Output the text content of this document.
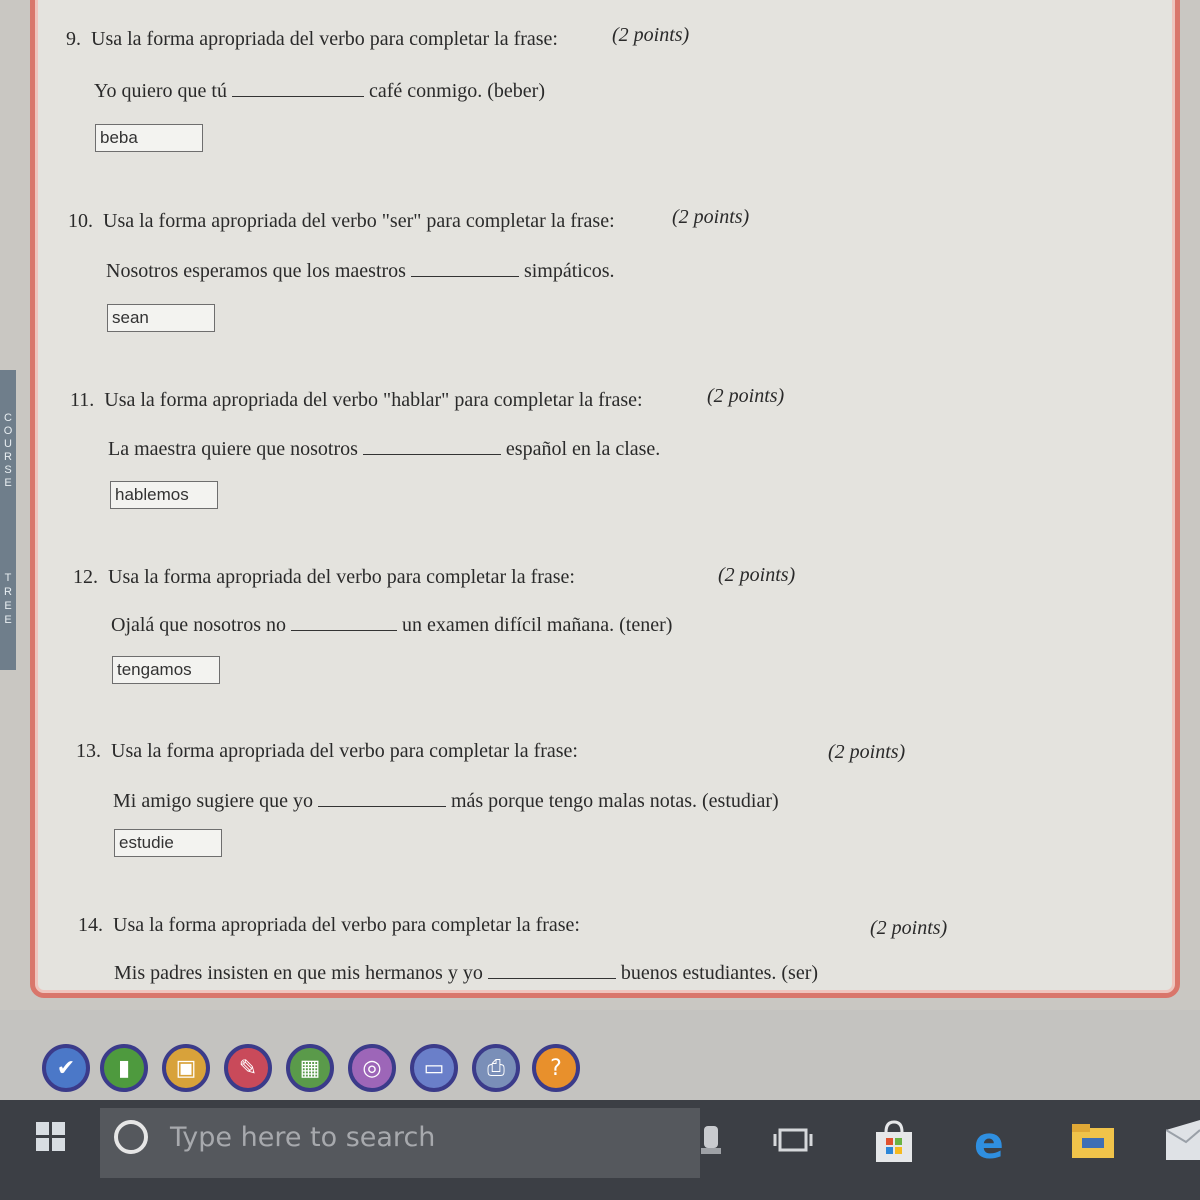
COURSE
TREE
9. Usa la forma apropriada del verbo para completar la frase:	(2 points)
Yo quiero que tú	café conmigo. (beber)
beba
10. Usa la forma apropriada del verbo "ser" para completar la frase:	(2 points)
Nosotros esperamos que los maestros	simpáticos.
sean
11. Usa la forma apropriada del verbo "hablar" para completar la frase:	(2 points)
La maestra quiere que nosotros	español en la clase.
hablemos
12. Usa la forma apropriada del verbo para completar la frase:	(2 points)
Ojalá que nosotros no	un examen difícil mañana. (tener)
tengamos
13. Usa la forma apropriada del verbo para completar la frase:	(2 points)
Mi amigo sugiere que yo	más porque tengo malas notas. (estudiar)
estudie
14. Usa la forma apropriada del verbo para completar la frase:	(2 points)
Mis padres insisten en que mis hermanos y yo	buenos estudiantes. (ser)
✔	▮	▣	✎	▦	◎	▭	⎙	?
Type here to search	e
